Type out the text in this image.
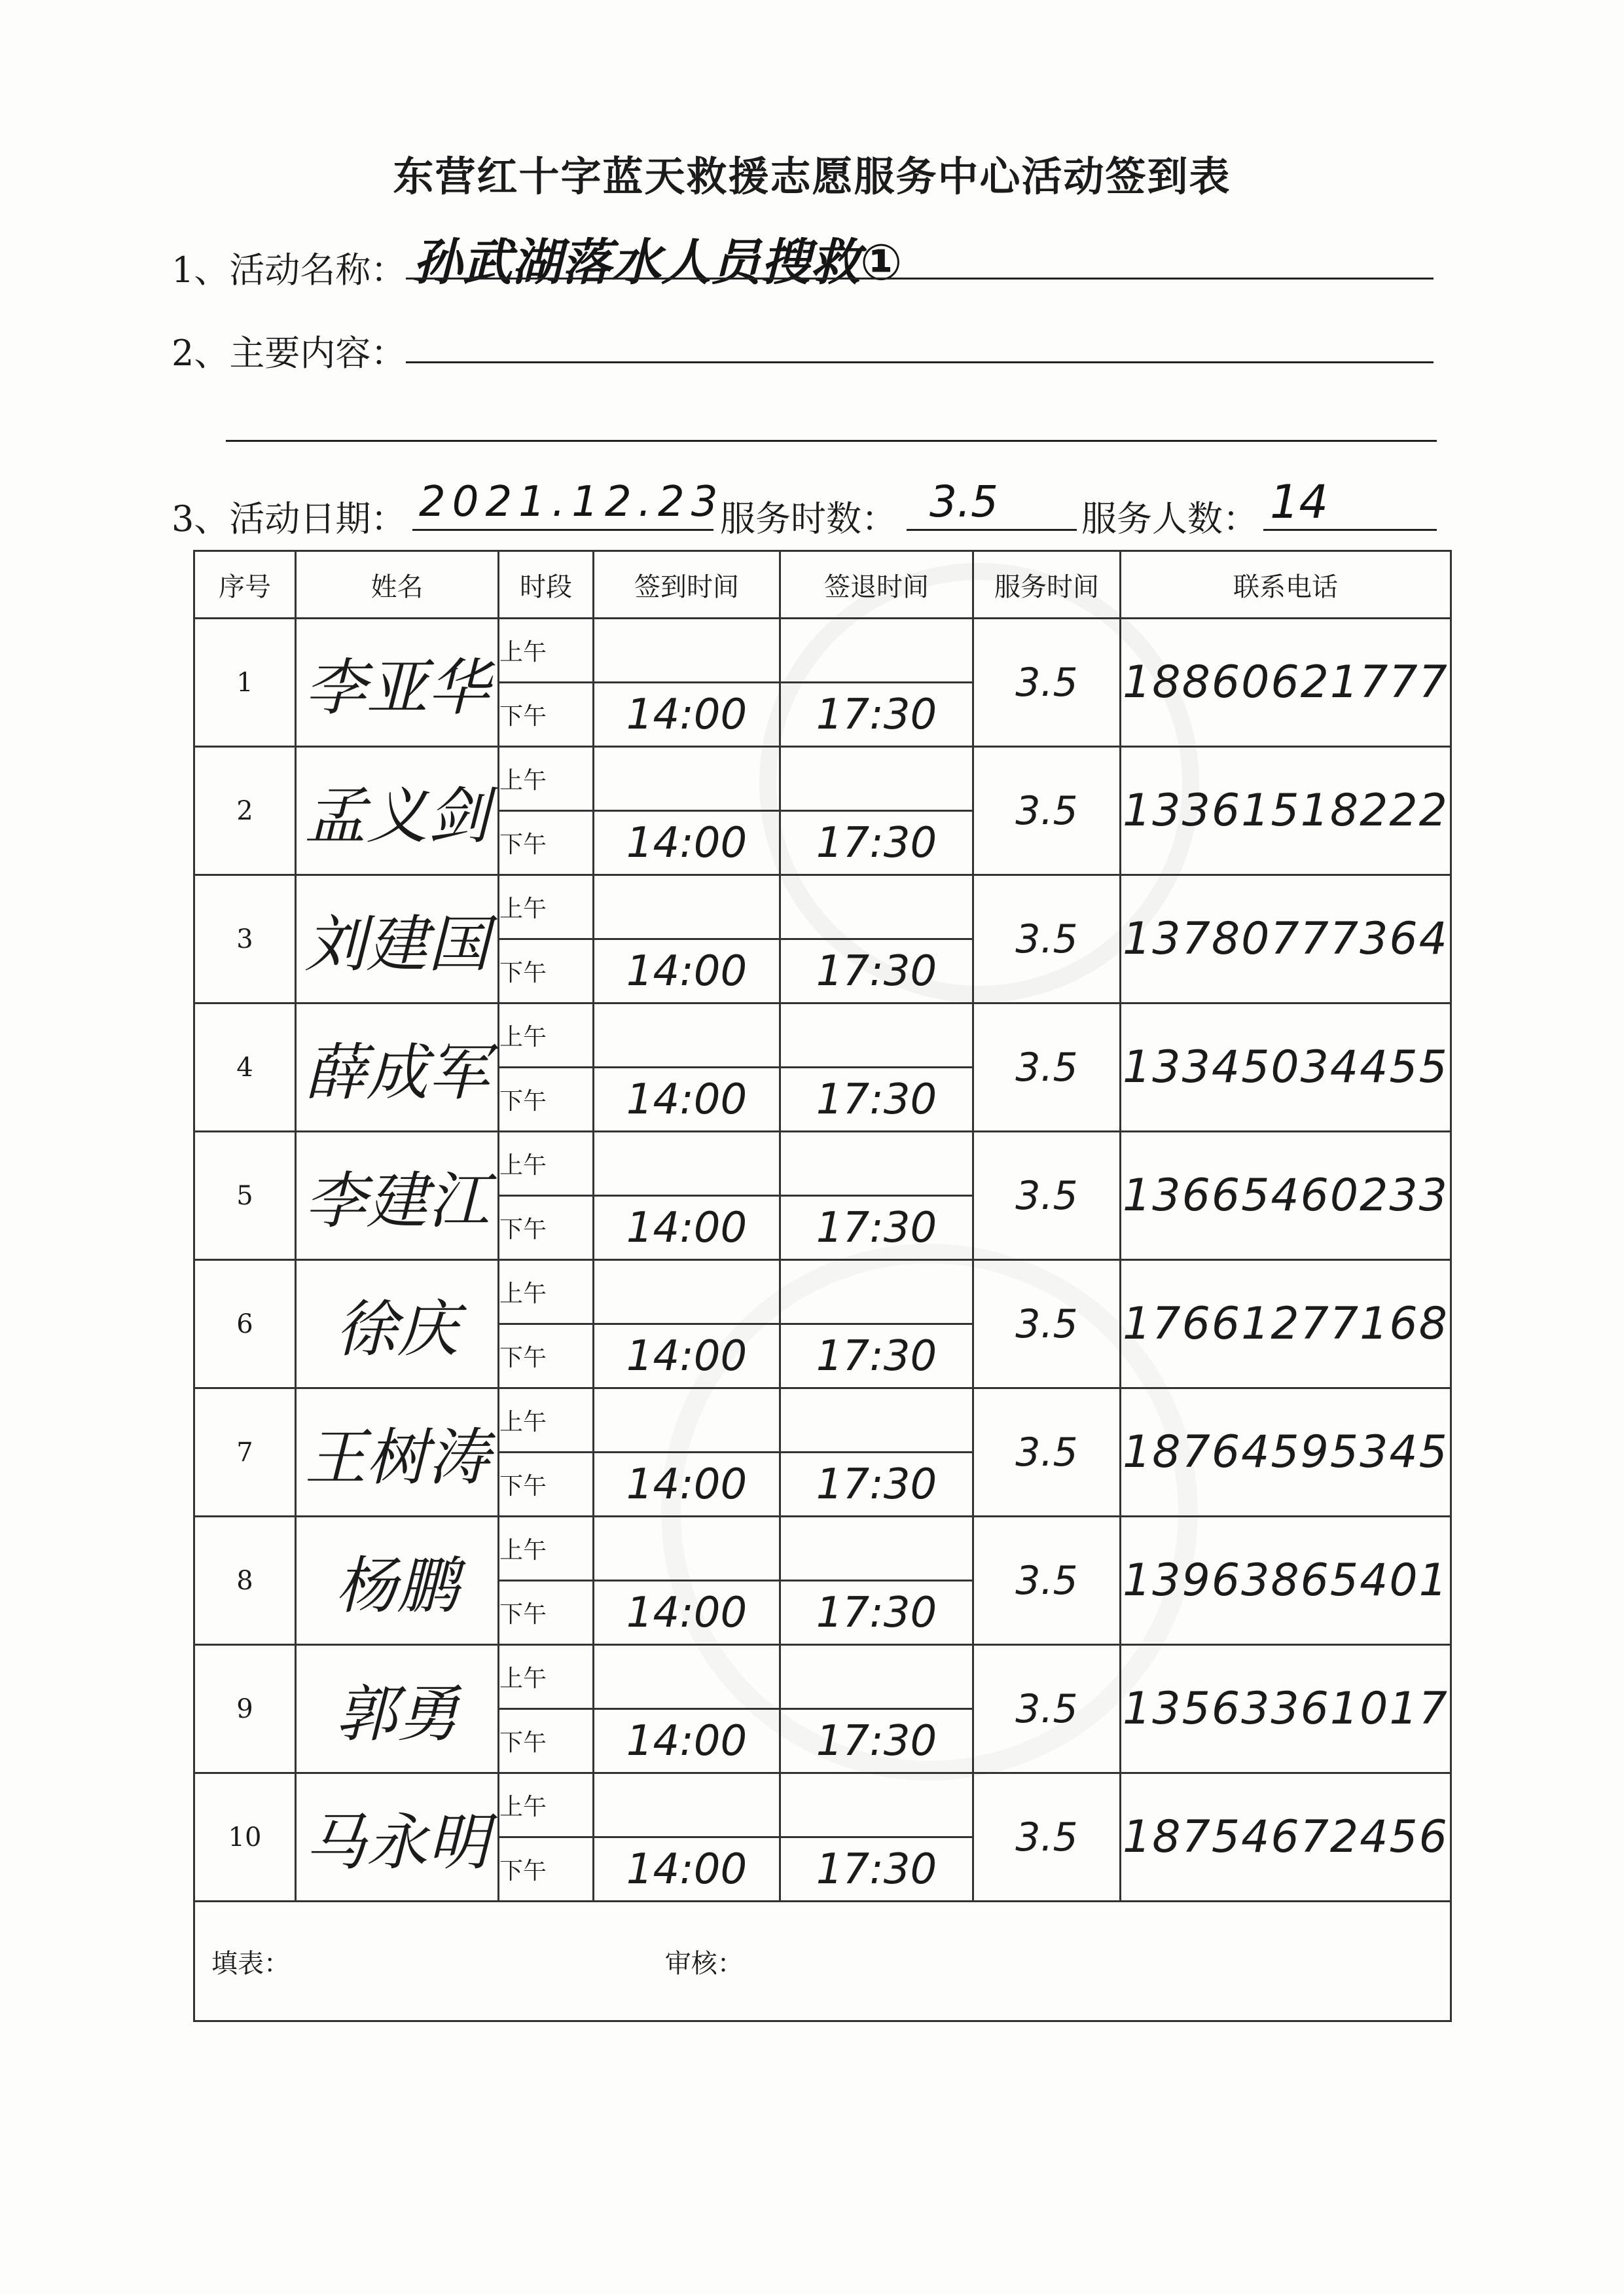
东营红十字蓝天救援志愿服务中心活动签到表
1、活动名称： 孙武湖落水人员搜救①
2、主要内容：
3、活动日期： 2021.12.23
服务时数： 3.5 服务人数： 14
序号	姓名	时段	签到时间	签退时间	服务时间	联系电话
1	李亚华	上午			3.5	18860621777
		下午	14:00	17:30		
2	孟义剑	上午			3.5	13361518222
		下午	14:00	17:30		
3	刘建国	上午			3.5	13780777364
		下午	14:00	17:30		
4	薛成军	上午			3.5	13345034455
		下午	14:00	17:30		
5	李建江	上午			3.5	13665460233
		下午	14:00	17:30		
6	徐庆	上午			3.5	17661277168
		下午	14:00	17:30		
7	王树涛	上午			3.5	18764595345
		下午	14:00	17:30		
8	杨鹏	上午			3.5	13963865401
		下午	14:00	17:30		
9	郭勇	上午			3.5	13563361017
		下午	14:00	17:30		
10	马永明	上午			3.5	18754672456
		下午	14:00	17:30		
填表： 审核：						
